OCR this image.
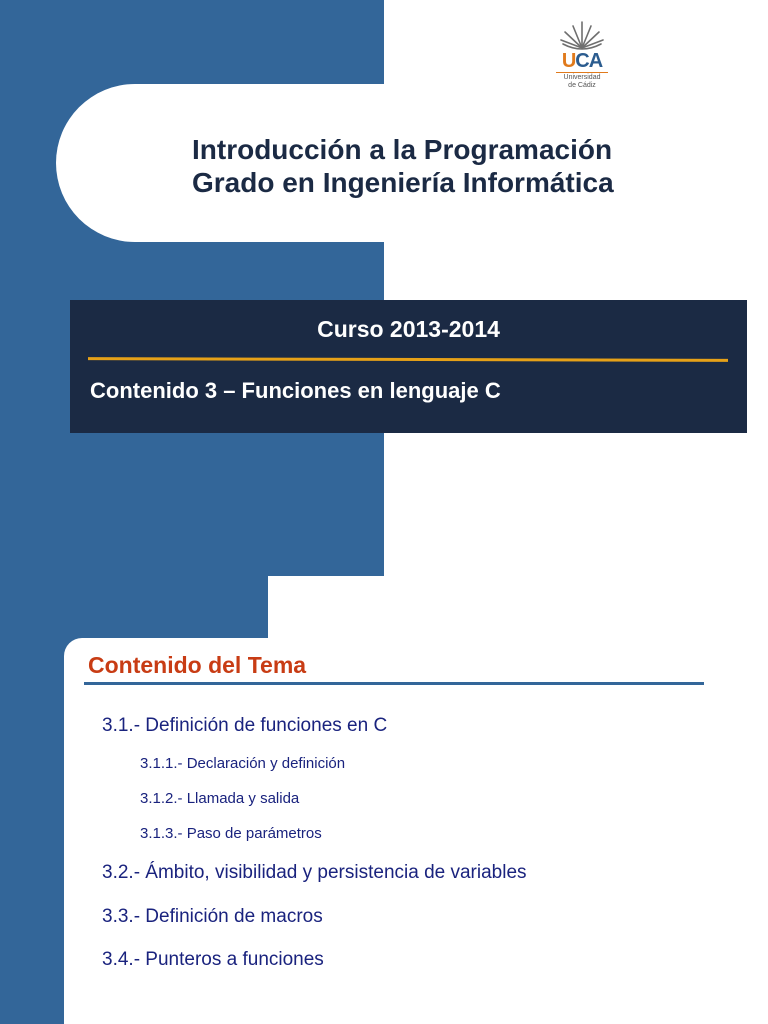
Introducción a la Programación
Grado en Ingeniería Informática
UCA
Universidad
de Cádiz
Curso 2013-2014
Contenido 3 – Funciones en lenguaje C
Contenido del Tema

3.1.- Definición de funciones en C

3.1.1.- Declaración y definición

3.1.2.- Llamada y salida

3.1.3.- Paso de parámetros

3.2.- Ámbito, visibilidad y persistencia de variables

3.3.- Definición de macros

3.4.- Punteros a funciones
